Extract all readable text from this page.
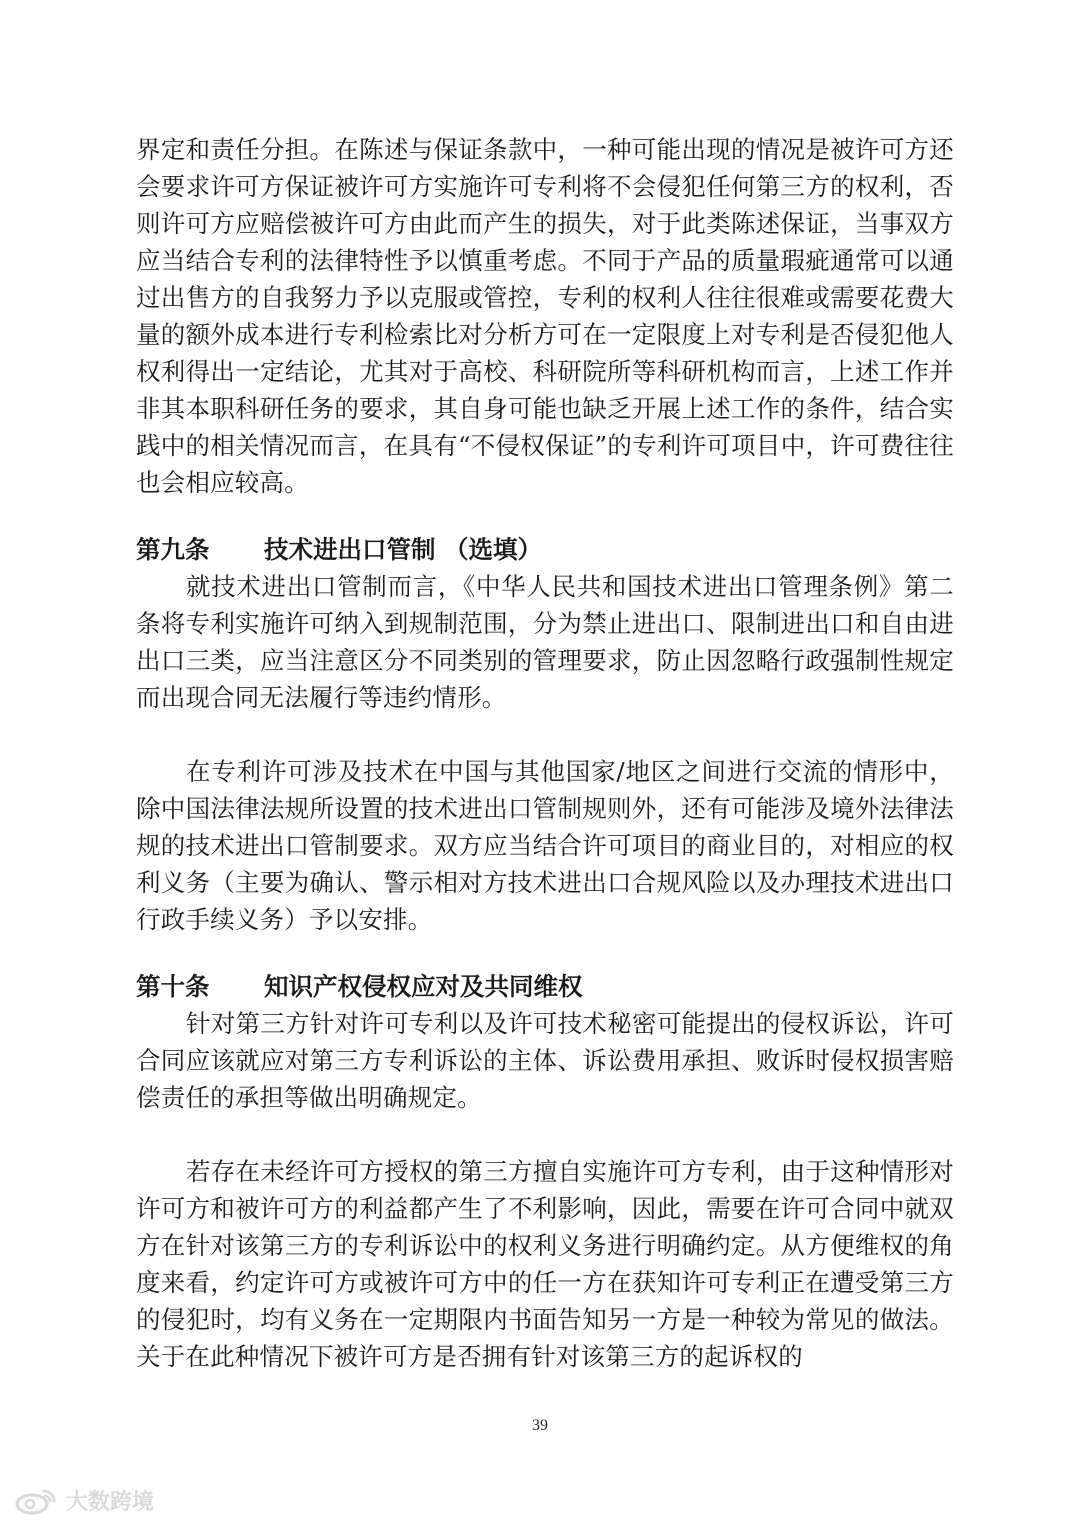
界定和责任分担。在陈述与保证条款中，一种可能出现的情况是被许可方还会要求许可方保证被许可方实施许可专利将不会侵犯任何第三方的权利，否则许可方应赔偿被许可方由此而产生的损失，对于此类陈述保证，当事双方应当结合专利的法律特性予以慎重考虑。不同于产品的质量瑕疵通常可以通过出售方的自我努力予以克服或管控，专利的权利人往往很难或需要花费大量的额外成本进行专利检索比对分析方可在一定限度上对专利是否侵犯他人权利得出一定结论，尤其对于高校、科研院所等科研机构而言，上述工作并非其本职科研任务的要求，其自身可能也缺乏开展上述工作的条件，结合实践中的相关情况而言，在具有“不侵权保证”的专利许可项目中，许可费往往也会相应较高。

第九条 技术进出口管制 （选填）

就技术进出口管制而言，《中华人民共和国技术进出口管理条例》第二条将专利实施许可纳入到规制范围，分为禁止进出口、限制进出口和自由进出口三类，应当注意区分不同类别的管理要求，防止因忽略行政强制性规定而出现合同无法履行等违约情形。

在专利许可涉及技术在中国与其他国家/地区之间进行交流的情形中，除中国法律法规所设置的技术进出口管制规则外，还有可能涉及境外法律法规的技术进出口管制要求。双方应当结合许可项目的商业目的，对相应的权利义务（主要为确认、警示相对方技术进出口合规风险以及办理技术进出口行政手续义务）予以安排。

第十条 知识产权侵权应对及共同维权

针对第三方针对许可专利以及许可技术秘密可能提出的侵权诉讼，许可合同应该就应对第三方专利诉讼的主体、诉讼费用承担、败诉时侵权损害赔偿责任的承担等做出明确规定。

若存在未经许可方授权的第三方擅自实施许可方专利，由于这种情形对许可方和被许可方的利益都产生了不利影响，因此，需要在许可合同中就双方在针对该第三方的专利诉讼中的权利义务进行明确约定。从方便维权的角度来看，约定许可方或被许可方中的任一方在获知许可专利正在遭受第三方的侵犯时，均有义务在一定期限内书面告知另一方是一种较为常见的做法。关于在此种情况下被许可方是否拥有针对该第三方的起诉权的

39
大数跨境
